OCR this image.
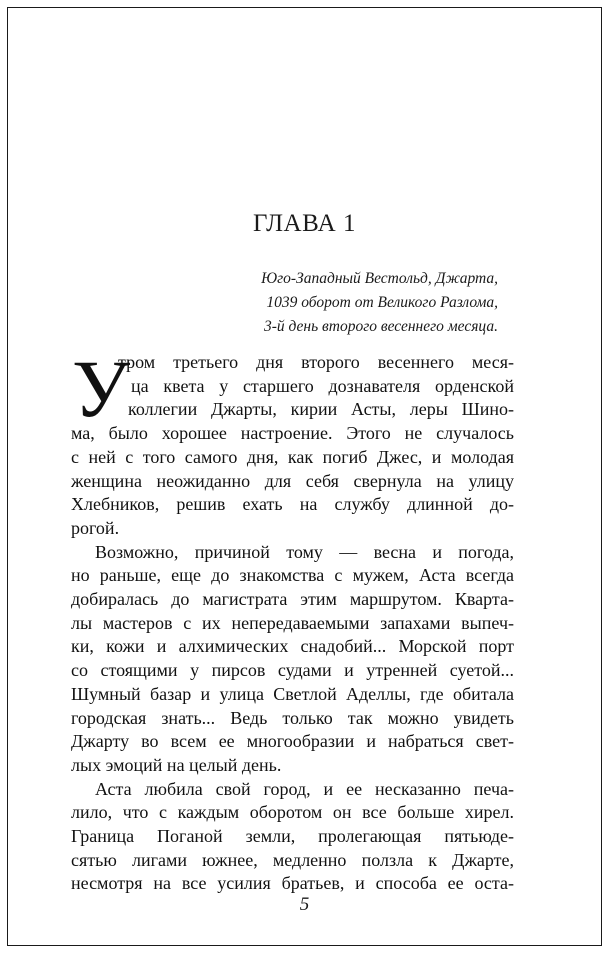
ГЛАВА 1
Юго-Западный Вестольд, Джарта,
1039 оборот от Великого Разлома,
3-й день второго весеннего месяца.
У
тром третьего дня второго весеннего меся-
ца квета у старшего дознавателя орденской
коллегии Джарты, кирии Асты, леры Шино-
ма, было хорошее настроение. Этого не случалось
с ней с того самого дня, как погиб Джес, и молодая
женщина неожиданно для себя свернула на улицу
Хлебников, решив ехать на службу длинной до-
рогой.
Возможно, причиной тому — весна и погода,
но раньше, еще до знакомства с мужем, Аста всегда
добиралась до магистрата этим маршрутом. Кварта-
лы мастеров с их непередаваемыми запахами выпеч-
ки, кожи и алхимических снадобий... Морской порт
со стоящими у пирсов судами и утренней суетой...
Шумный базар и улица Светлой Аделлы, где обитала
городская знать... Ведь только так можно увидеть
Джарту во всем ее многообразии и набраться свет-
лых эмоций на целый день.
Аста любила свой город, и ее несказанно печа-
лило, что с каждым оборотом он все больше хирел.
Граница Поганой земли, пролегающая пятьюде-
сятью лигами южнее, медленно ползла к Джарте,
несмотря на все усилия братьев, и способа ее оста-
5
